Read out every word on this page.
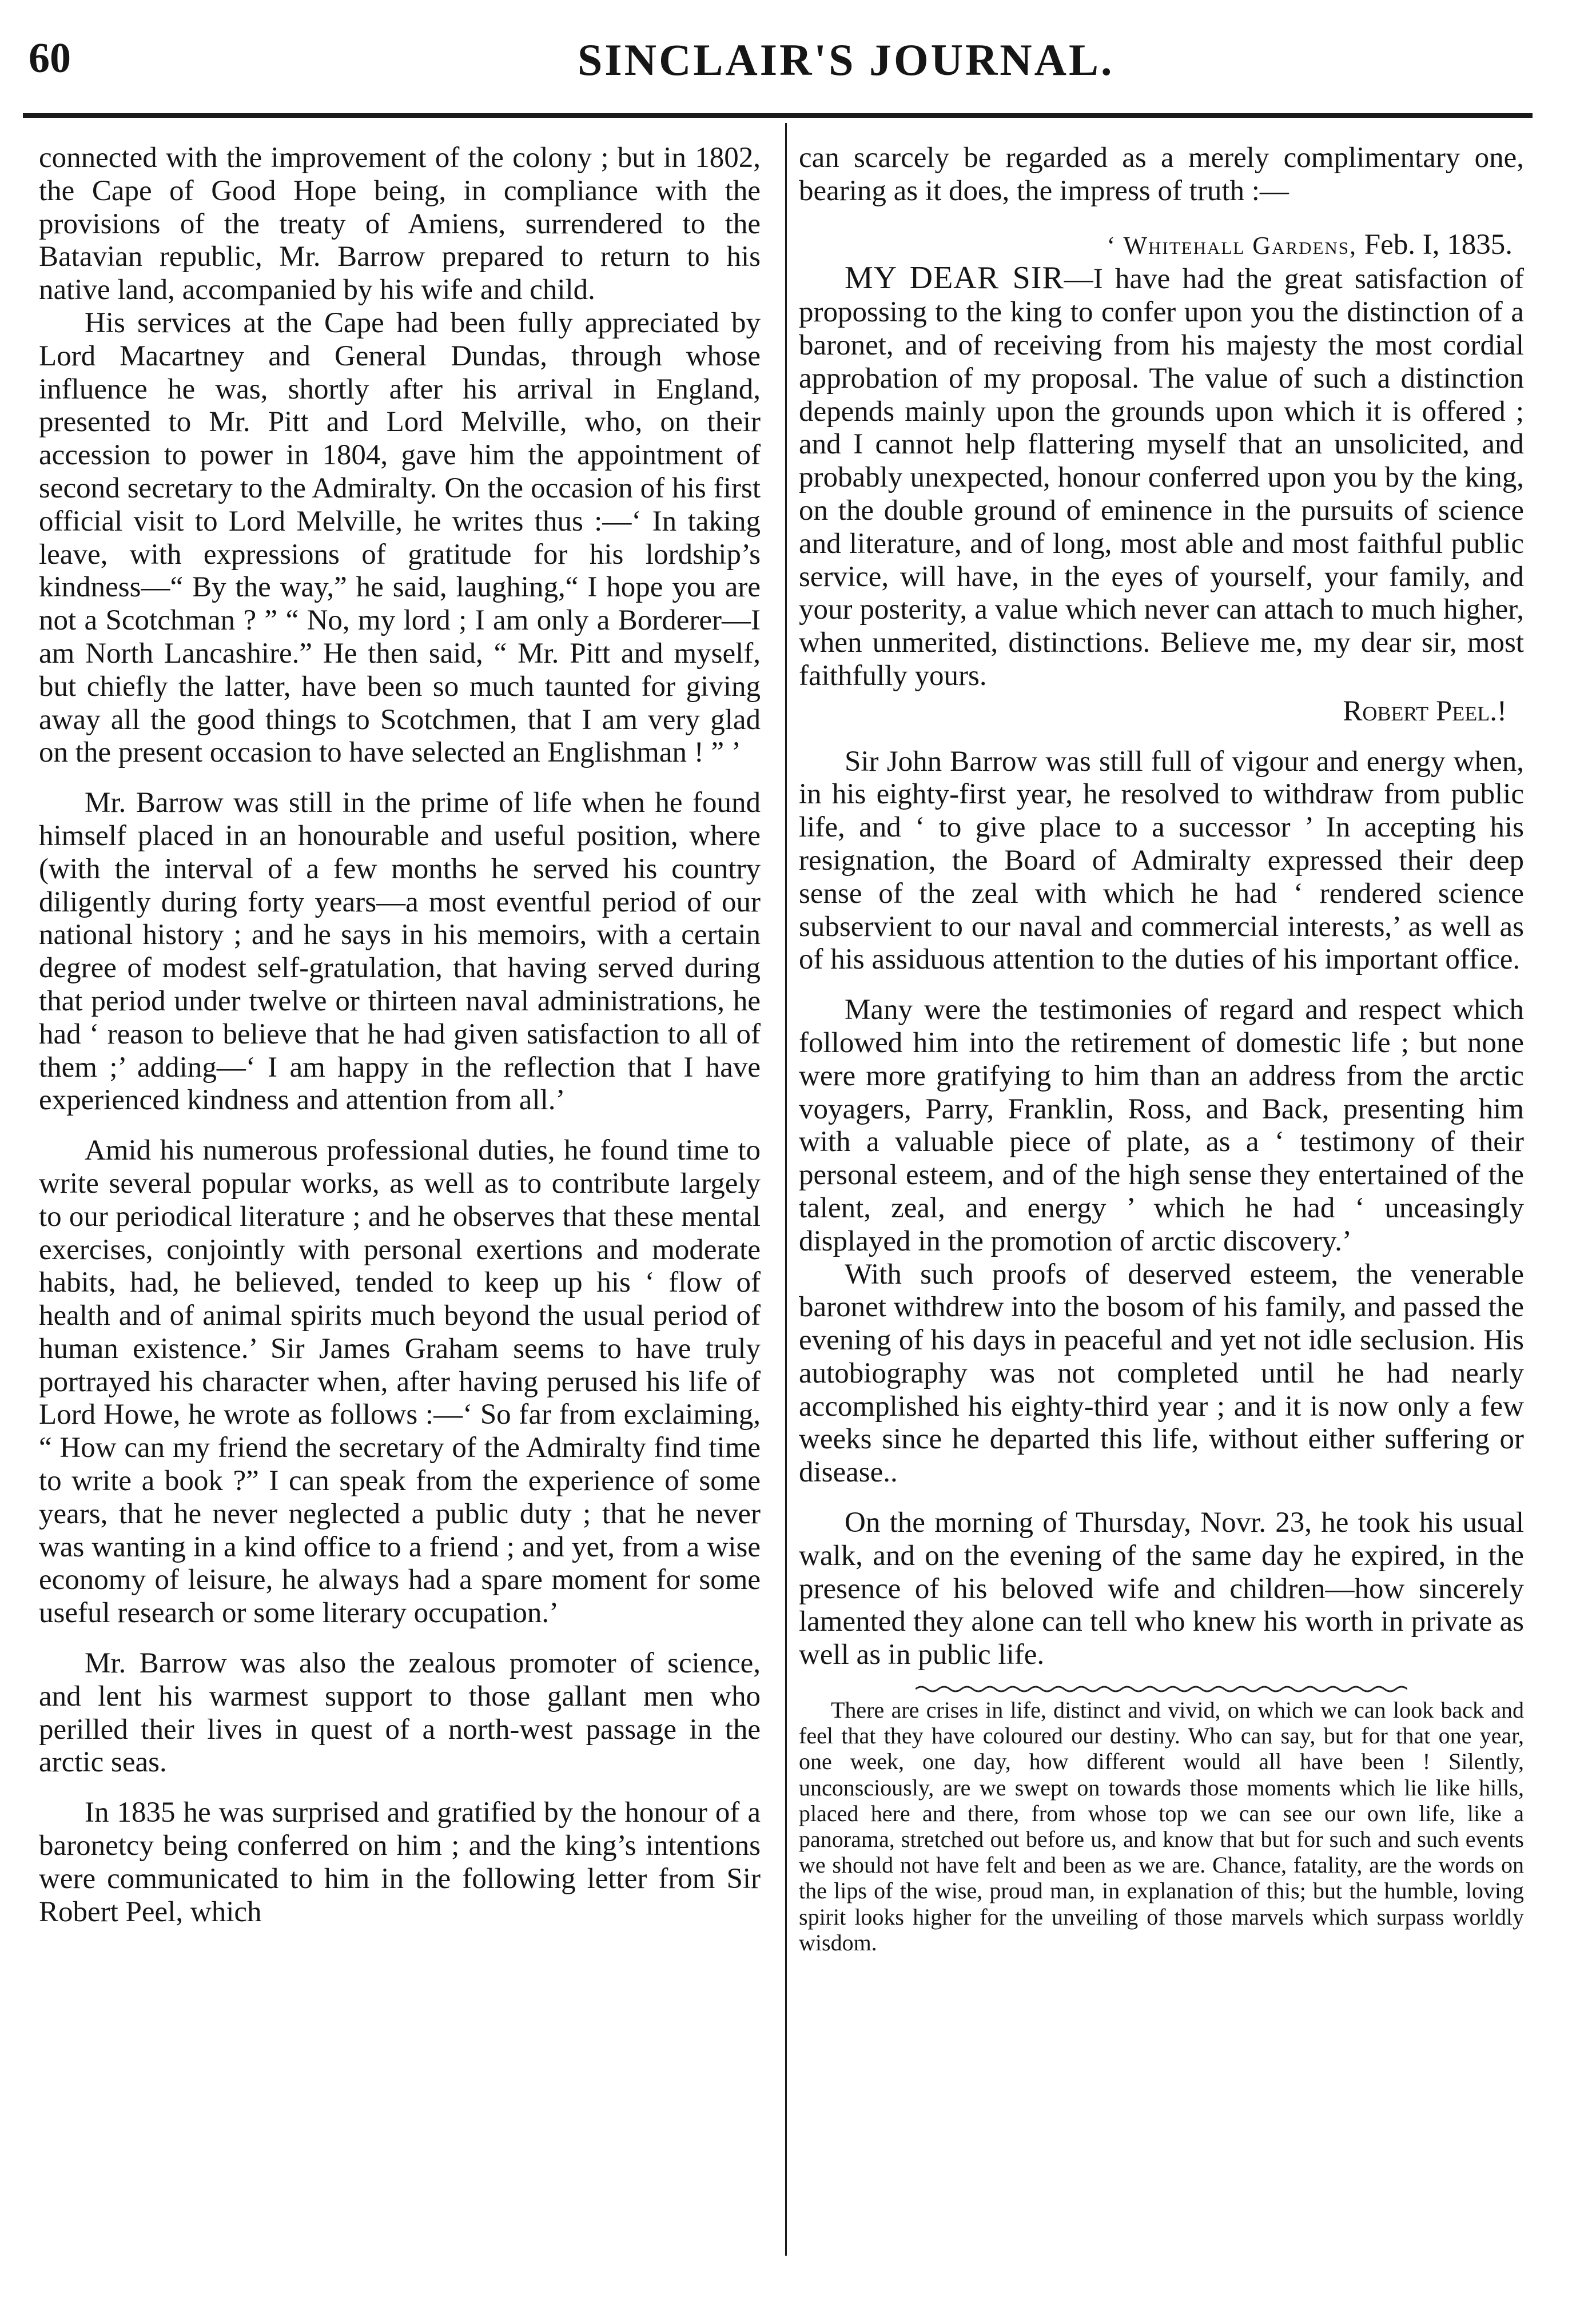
60	SINCLAIR'S JOURNAL.

connected with the improvement of the colony ; but in 1802, the Cape of Good Hope being, in compliance with the provisions of the treaty of Amiens, surrendered to the Batavian republic, Mr. Barrow prepared to return to his native land, accompanied by his wife and child.

His services at the Cape had been fully appreciated by Lord Macartney and General Dundas, through whose influence he was, shortly after his arrival in England, presented to Mr. Pitt and Lord Melville, who, on their accession to power in 1804, gave him the appointment of second secretary to the Admiralty. On the occasion of his first official visit to Lord Melville, he writes thus :—‘ In taking leave, with expressions of gratitude for his lordship’s kindness—“ By the way,” he said, laughing,“ I hope you are not a Scotchman ? ” “ No, my lord ; I am only a Borderer—I am North Lancashire.” He then said, “ Mr. Pitt and myself, but chiefly the latter, have been so much taunted for giving away all the good things to Scotchmen, that I am very glad on the present occasion to have selected an Englishman ! ” ’

Mr. Barrow was still in the prime of life when he found himself placed in an honourable and useful position, where (with the interval of a few months he served his country diligently during forty years—a most eventful period of our national history ; and he says in his memoirs, with a certain degree of modest self-gratulation, that having served during that period under twelve or thirteen naval administrations, he had ‘ reason to believe that he had given satisfaction to all of them ;’ adding—‘ I am happy in the reflection that I have experienced kindness and attention from all.’

Amid his numerous professional duties, he found time to write several popular works, as well as to contribute largely to our periodical literature ; and he observes that these mental exercises, conjointly with personal exertions and moderate habits, had, he believed, tended to keep up his ‘ flow of health and of animal spirits much beyond the usual period of human existence.’ Sir James Graham seems to have truly portrayed his character when, after having perused his life of Lord Howe, he wrote as follows :—‘ So far from exclaiming, “ How can my friend the secretary of the Admiralty find time to write a book ?” I can speak from the experience of some years, that he never neglected a public duty ; that he never was wanting in a kind office to a friend ; and yet, from a wise economy of leisure, he always had a spare moment for some useful research or some literary occupation.’

Mr. Barrow was also the zealous promoter of science, and lent his warmest support to those gallant men who perilled their lives in quest of a north-west passage in the arctic seas.

In 1835 he was surprised and gratified by the honour of a baronetcy being conferred on him ; and the king’s intentions were communicated to him in the following letter from Sir Robert Peel, which

can scarcely be regarded as a merely complimentary one, bearing as it does, the impress of truth :—

‘ Whitehall Gardens, Feb. I, 1835.

MY DEAR SIR—I have had the great satisfaction of propossing to the king to confer upon you the distinction of a baronet, and of receiving from his majesty the most cordial approbation of my proposal. The value of such a distinction depends mainly upon the grounds upon which it is offered ; and I cannot help flattering myself that an unsolicited, and probably unexpected, honour conferred upon you by the king, on the double ground of eminence in the pursuits of science and literature, and of long, most able and most faithful public service, will have, in the eyes of yourself, your family, and your posterity, a value which never can attach to much higher, when unmerited, distinctions. Believe me, my dear sir, most faithfully yours.

Robert Peel.!

Sir John Barrow was still full of vigour and energy when, in his eighty-first year, he resolved to withdraw from public life, and ‘ to give place to a successor ’ In accepting his resignation, the Board of Admiralty expressed their deep sense of the zeal with which he had ‘ rendered science subservient to our naval and commercial interests,’ as well as of his assiduous attention to the duties of his important office.

Many were the testimonies of regard and respect which followed him into the retirement of domestic life ; but none were more gratifying to him than an address from the arctic voyagers, Parry, Franklin, Ross, and Back, presenting him with a valuable piece of plate, as a ‘ testimony of their personal esteem, and of the high sense they entertained of the talent, zeal, and energy ’ which he had ‘ unceasingly displayed in the promotion of arctic discovery.’

With such proofs of deserved esteem, the venerable baronet withdrew into the bosom of his family, and passed the evening of his days in peaceful and yet not idle seclusion. His autobiography was not completed until he had nearly accomplished his eighty-third year ; and it is now only a few weeks since he departed this life, without either suffering or disease..

On the morning of Thursday, Novr. 23, he took his usual walk, and on the evening of the same day he expired, in the presence of his beloved wife and children—how sincerely lamented they alone can tell who knew his worth in private as well as in public life.

There are crises in life, distinct and vivid, on which we can look back and feel that they have coloured our destiny. Who can say, but for that one year, one week, one day, how different would all have been ! Silently, unconsciously, are we swept on towards those moments which lie like hills, placed here and there, from whose top we can see our own life, like a panorama, stretched out before us, and know that but for such and such events we should not have felt and been as we are. Chance, fatality, are the words on the lips of the wise, proud man, in explanation of this; but the humble, loving spirit looks higher for the unveiling of those marvels which surpass worldly wisdom.
